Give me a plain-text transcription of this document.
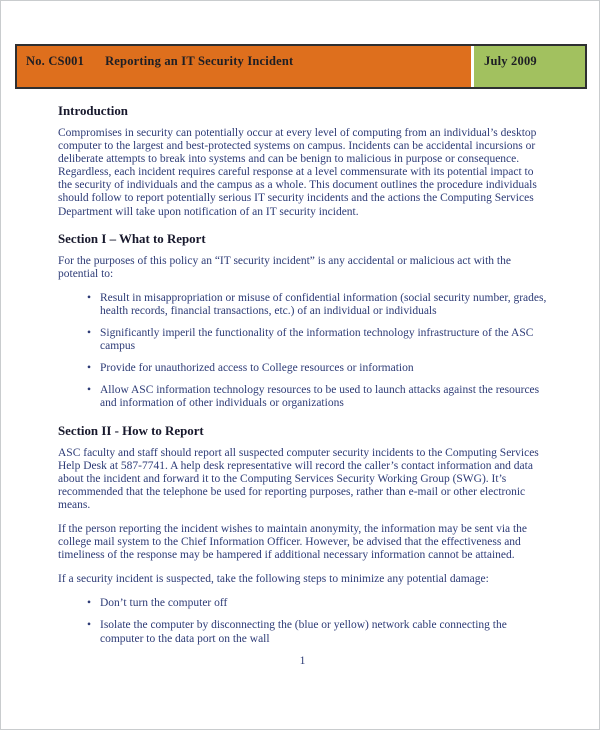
No. CS001 Reporting an IT Security Incident	July 2009
Introduction

Compromises in security can potentially occur at every level of computing from an individual’s desktop computer to the largest and best-protected systems on campus. Incidents can be accidental incursions or deliberate attempts to break into systems and can be benign to malicious in purpose or consequence. Regardless, each incident requires careful response at a level commensurate with its potential impact to the security of individuals and the campus as a whole. This document outlines the procedure individuals should follow to report potentially serious IT security incidents and the actions the Computing Services Department will take upon notification of an IT security incident.

Section I – What to Report

For the purposes of this policy an “IT security incident” is any accidental or malicious act with the potential to:

• Result in misappropriation or misuse of confidential information (social security number, grades, health records, financial transactions, etc.) of an individual or individuals
• Significantly imperil the functionality of the information technology infrastructure of the ASC campus
• Provide for unauthorized access to College resources or information
• Allow ASC information technology resources to be used to launch attacks against the resources and information of other individuals or organizations
Section II - How to Report

ASC faculty and staff should report all suspected computer security incidents to the Computing Services Help Desk at 587-7741. A help desk representative will record the caller’s contact information and data about the incident and forward it to the Computing Services Security Working Group (SWG). It’s recommended that the telephone be used for reporting purposes, rather than e-mail or other electronic means.

If the person reporting the incident wishes to maintain anonymity, the information may be sent via the college mail system to the Chief Information Officer. However, be advised that the effectiveness and timeliness of the response may be hampered if additional necessary information cannot be attained.

If a security incident is suspected, take the following steps to minimize any potential damage:

• Don’t turn the computer off
• Isolate the computer by disconnecting the (blue or yellow) network cable connecting the computer to the data port on the wall
1
